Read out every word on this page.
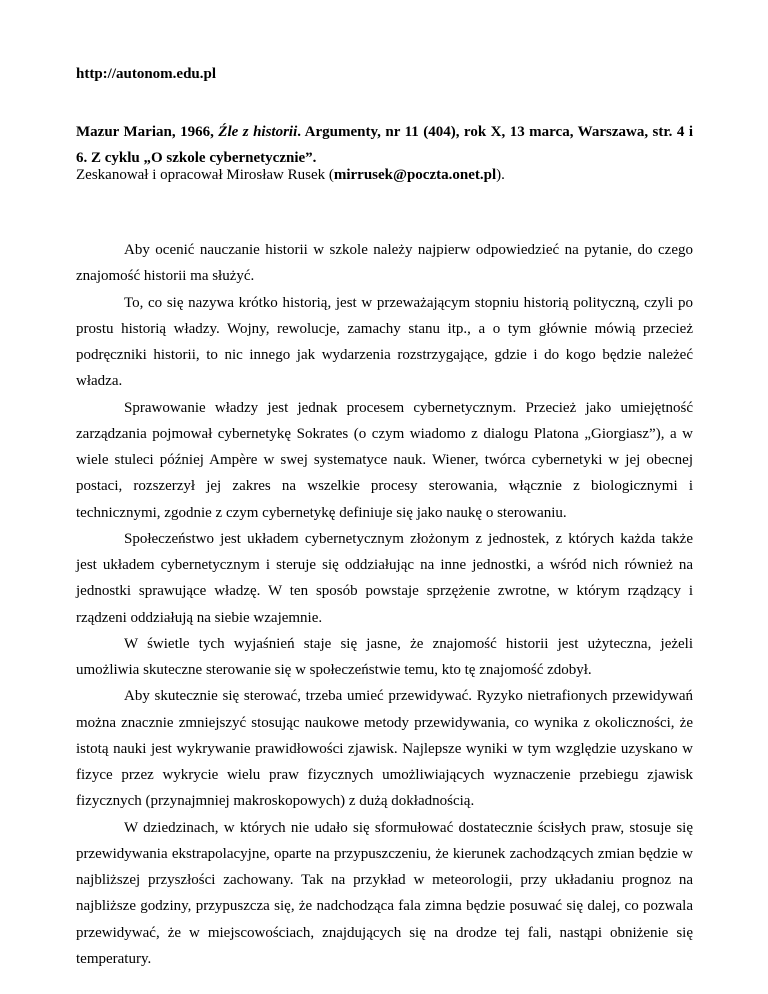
http://autonom.edu.pl
Mazur Marian, 1966, Źle z historii. Argumenty, nr 11 (404), rok X, 13 marca, Warszawa, str. 4 i 6. Z cyklu „O szkole cybernetycznie”.
Zeskanował i opracował Mirosław Rusek (mirrusek@poczta.onet.pl).

Aby ocenić nauczanie historii w szkole należy najpierw odpowiedzieć na pytanie, do czego znajomość historii ma służyć.

To, co się nazywa krótko historią, jest w przeważającym stopniu historią polityczną, czyli po prostu historią władzy. Wojny, rewolucje, zamachy stanu itp., a o tym głównie mówią przecież podręczniki historii, to nic innego jak wydarzenia rozstrzygające, gdzie i do kogo będzie należeć władza.

Sprawowanie władzy jest jednak procesem cybernetycznym. Przecież jako umiejętność zarządzania pojmował cybernetykę Sokrates (o czym wiadomo z dialogu Platona „Giorgiasz”), a w wiele stuleci później Ampère w swej systematyce nauk. Wiener, twórca cybernetyki w jej obecnej postaci, rozszerzył jej zakres na wszelkie procesy sterowania, włącznie z biologicznymi i technicznymi, zgodnie z czym cybernetykę definiuje się jako naukę o sterowaniu.

Społeczeństwo jest układem cybernetycznym złożonym z jednostek, z których każda także jest układem cybernetycznym i steruje się oddziałując na inne jednostki, a wśród nich również na jednostki sprawujące władzę. W ten sposób powstaje sprzężenie zwrotne, w którym rządzący i rządzeni oddziałują na siebie wzajemnie.

W świetle tych wyjaśnień staje się jasne, że znajomość historii jest użyteczna, jeżeli umożliwia skuteczne sterowanie się w społeczeństwie temu, kto tę znajomość zdobył.

Aby skutecznie się sterować, trzeba umieć przewidywać. Ryzyko nietrafionych przewidywań można znacznie zmniejszyć stosując naukowe metody przewidywania, co wynika z okoliczności, że istotą nauki jest wykrywanie prawidłowości zjawisk. Najlepsze wyniki w tym względzie uzyskano w fizyce przez wykrycie wielu praw fizycznych umożliwiających wyznaczenie przebiegu zjawisk fizycznych (przynajmniej makroskopowych) z dużą dokładnością.

W dziedzinach, w których nie udało się sformułować dostatecznie ścisłych praw, stosuje się przewidywania ekstrapolacyjne, oparte na przypuszczeniu, że kierunek zachodzących zmian będzie w najbliższej przyszłości zachowany. Tak na przykład w meteorologii, przy układaniu prognoz na najbliższe godziny, przypuszcza się, że nadchodząca fala zimna będzie posuwać się dalej, co pozwala przewidywać, że w miejscowościach, znajdujących się na drodze tej fali, nastąpi obniżenie się temperatury.
